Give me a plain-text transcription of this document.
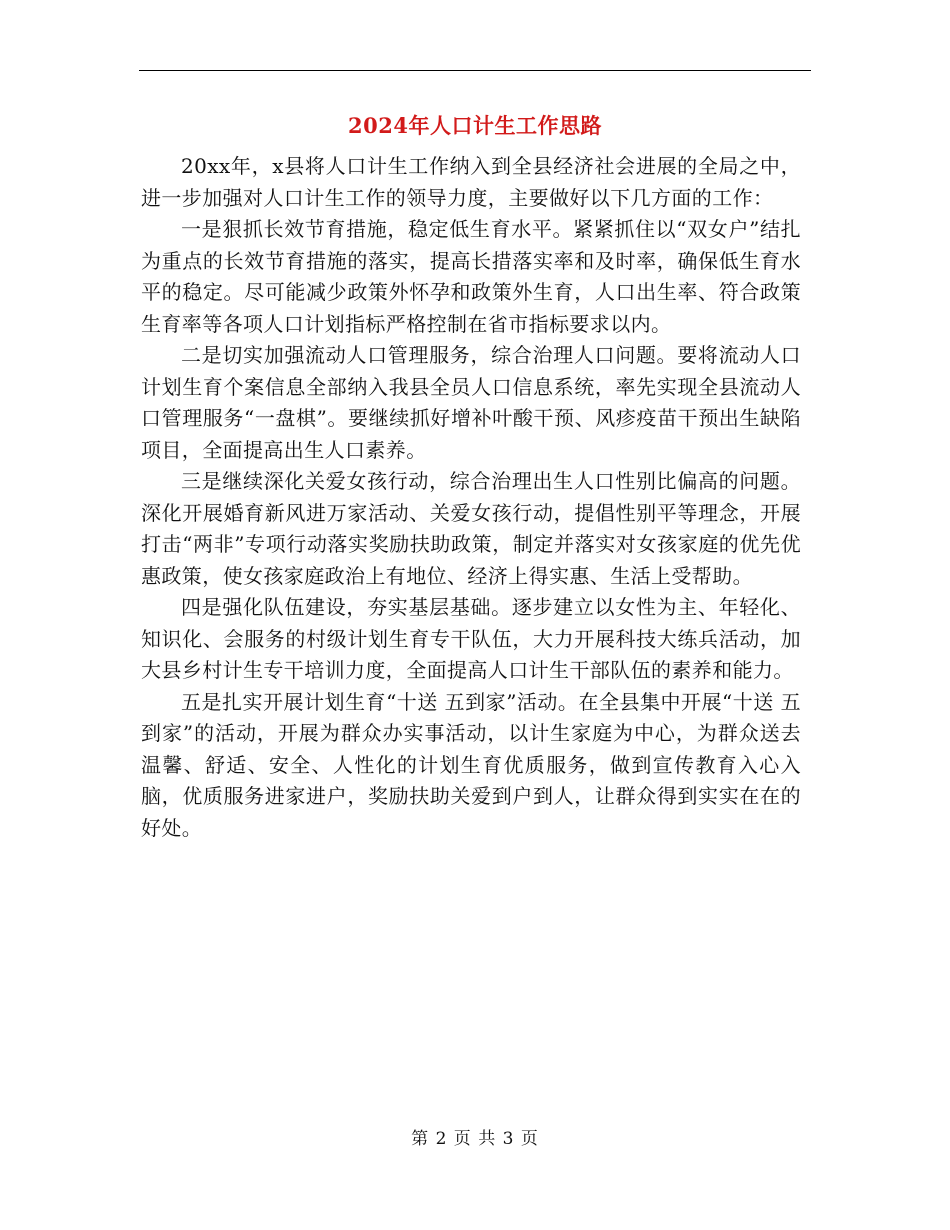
2024年人口计生工作思路

20xx年，x县将人口计生工作纳入到全县经济社会进展的全局之中，进一步加强对人口计生工作的领导力度，主要做好以下几方面的工作：

一是狠抓长效节育措施，稳定低生育水平。紧紧抓住以“双女户”结扎为重点的长效节育措施的落实，提高长措落实率和及时率，确保低生育水平的稳定。尽可能减少政策外怀孕和政策外生育，人口出生率、符合政策生育率等各项人口计划指标严格控制在省市指标要求以内。

二是切实加强流动人口管理服务，综合治理人口问题。要将流动人口计划生育个案信息全部纳入我县全员人口信息系统，率先实现全县流动人口管理服务“一盘棋”。要继续抓好增补叶酸干预、风疹疫苗干预出生缺陷项目，全面提高出生人口素养。

三是继续深化关爱女孩行动，综合治理出生人口性别比偏高的问题。深化开展婚育新风进万家活动、关爱女孩行动，提倡性别平等理念，开展打击“两非”专项行动落实奖励扶助政策，制定并落实对女孩家庭的优先优惠政策，使女孩家庭政治上有地位、经济上得实惠、生活上受帮助。

四是强化队伍建设，夯实基层基础。逐步建立以女性为主、年轻化、知识化、会服务的村级计划生育专干队伍，大力开展科技大练兵活动，加大县乡村计生专干培训力度，全面提高人口计生干部队伍的素养和能力。

五是扎实开展计划生育“十送 五到家”活动。在全县集中开展“十送 五到家”的活动，开展为群众办实事活动，以计生家庭为中心，为群众送去温馨、舒适、安全、人性化的计划生育优质服务，做到宣传教育入心入脑，优质服务进家进户，奖励扶助关爱到户到人，让群众得到实实在在的好处。

第 2 页 共 3 页
